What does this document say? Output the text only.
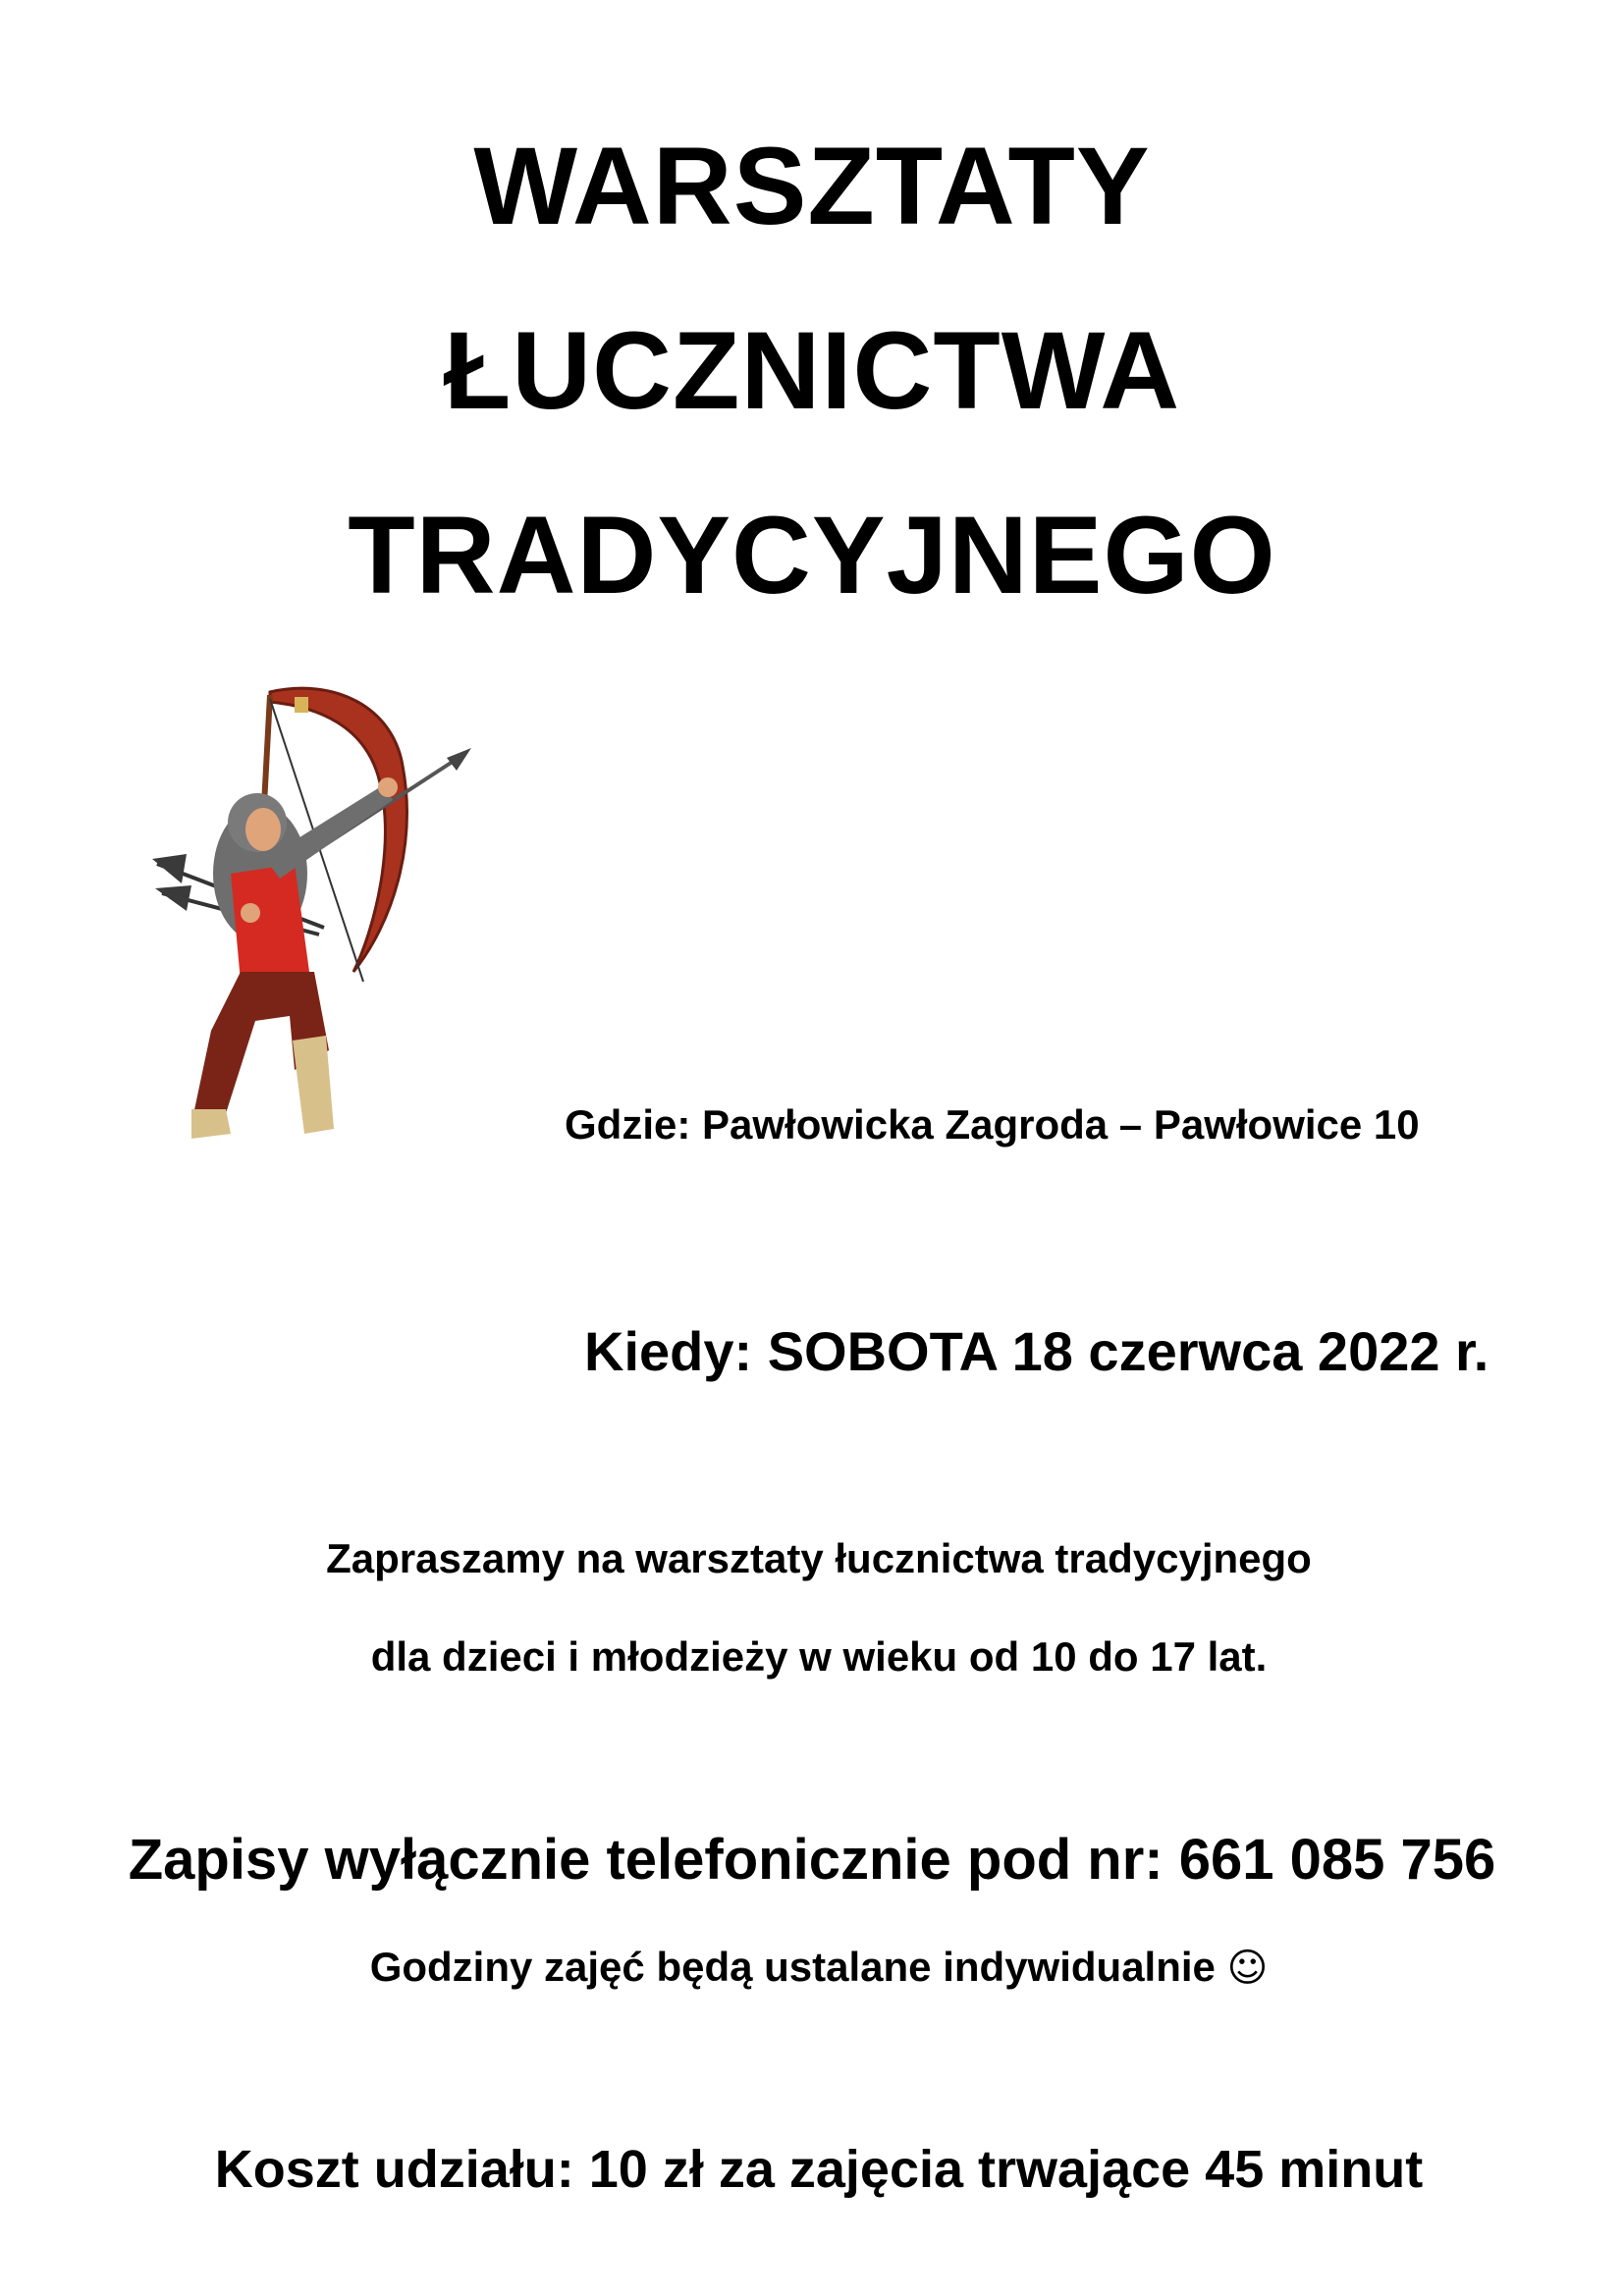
WARSZTATY
ŁUCZNICTWA
TRADYCYJNEGO
Gdzie: Pawłowicka Zagroda – Pawłowice 10
Kiedy: SOBOTA 18 czerwca 2022 r.
Zapraszamy na warsztaty łucznictwa tradycyjnego
dla dzieci i młodzieży w wieku od 10 do 17 lat.
Zapisy wyłącznie telefonicznie pod nr: 661 085 756
Godziny zajęć będą ustalane indywidualnie ☺
Koszt udziału: 10 zł za zajęcia trwające 45 minut
